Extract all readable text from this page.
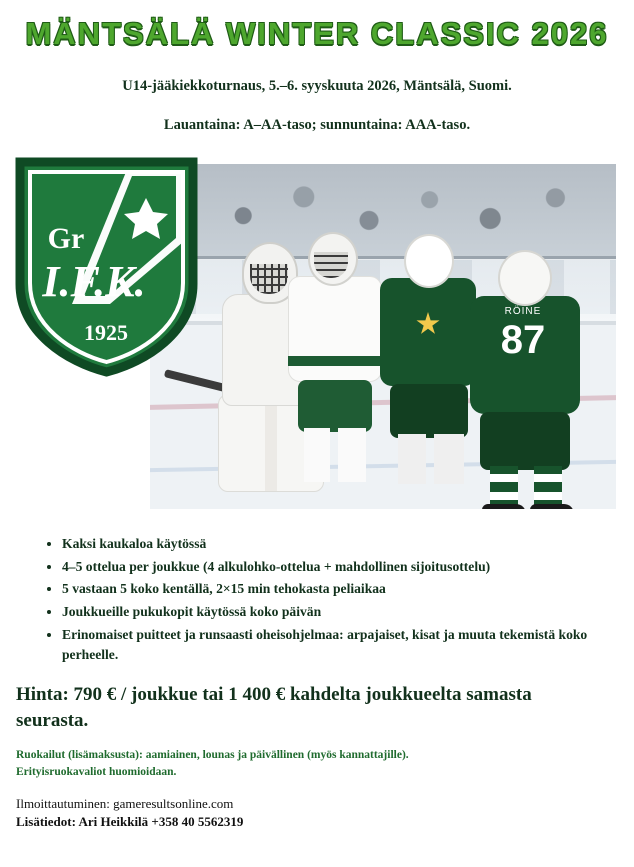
MÄNTSÄLÄ WINTER CLASSIC 2026

U14-jääkiekkoturnaus, 5.–6. syyskuuta 2026, Mäntsälä, Suomi.

Lauantaina: A–AA-taso; sunnuntaina: AAA-taso.

RÖINE
87
Gr
I.F.K.
1925
• Kaksi kaukaloa käytössä
• 4–5 ottelua per joukkue (4 alkulohko-ottelua + mahdollinen sijoitusottelu)
• 5 vastaan 5 koko kentällä, 2×15 min tehokasta peliaikaa
• Joukkueille pukukopit käytössä koko päivän
• Erinomaiset puitteet ja runsaasti oheisohjelmaa: arpajaiset, kisat ja muuta tekemistä koko perheelle.
Hinta: 790 € / joukkue tai 1 400 € kahdelta joukkueelta samasta seurasta.
Ruokailut (lisämaksusta): aamiainen, lounas ja päivällinen (myös kannattajille).
Erityisruokavaliot huomioidaan.
Ilmoittautuminen: gameresultsonline.com
Lisätiedot: Ari Heikkilä +358 40 5562319
